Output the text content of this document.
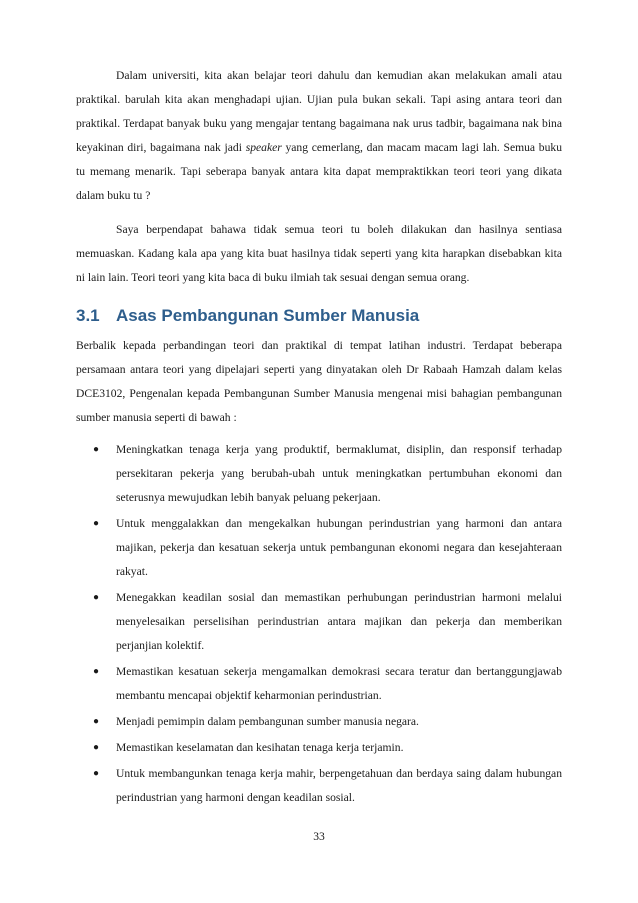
Dalam universiti, kita akan belajar teori dahulu dan kemudian akan melakukan amali atau praktikal. barulah kita akan menghadapi ujian. Ujian pula bukan sekali. Tapi asing antara teori dan praktikal. Terdapat banyak buku yang mengajar tentang bagaimana nak urus tadbir, bagaimana nak bina keyakinan diri, bagaimana nak jadi speaker yang cemerlang, dan macam macam lagi lah. Semua buku tu memang menarik. Tapi seberapa banyak antara kita dapat mempraktikkan teori teori yang dikata dalam buku tu ?

Saya berpendapat bahawa tidak semua teori tu boleh dilakukan dan hasilnya sentiasa memuaskan. Kadang kala apa yang kita buat hasilnya tidak seperti yang kita harapkan disebabkan kita ni lain lain. Teori teori yang kita baca di buku ilmiah tak sesuai dengan semua orang.

3.1 Asas Pembangunan Sumber Manusia

Berbalik kepada perbandingan teori dan praktikal di tempat latihan industri. Terdapat beberapa persamaan antara teori yang dipelajari seperti yang dinyatakan oleh Dr Rabaah Hamzah dalam kelas DCE3102, Pengenalan kepada Pembangunan Sumber Manusia mengenai misi bahagian pembangunan sumber manusia seperti di bawah :

● Meningkatkan tenaga kerja yang produktif, bermaklumat, disiplin, dan responsif terhadap persekitaran pekerja yang berubah-ubah untuk meningkatkan pertumbuhan ekonomi dan seterusnya mewujudkan lebih banyak peluang pekerjaan.
● Untuk menggalakkan dan mengekalkan hubungan perindustrian yang harmoni dan antara majikan, pekerja dan kesatuan sekerja untuk pembangunan ekonomi negara dan kesejahteraan rakyat.
● Menegakkan keadilan sosial dan memastikan perhubungan perindustrian harmoni melalui menyelesaikan perselisihan perindustrian antara majikan dan pekerja dan memberikan perjanjian kolektif.
● Memastikan kesatuan sekerja mengamalkan demokrasi secara teratur dan bertanggungjawab membantu mencapai objektif keharmonian perindustrian.
● Menjadi pemimpin dalam pembangunan sumber manusia negara.
● Memastikan keselamatan dan kesihatan tenaga kerja terjamin.
● Untuk membangunkan tenaga kerja mahir, berpengetahuan dan berdaya saing dalam hubungan perindustrian yang harmoni dengan keadilan sosial.
33
